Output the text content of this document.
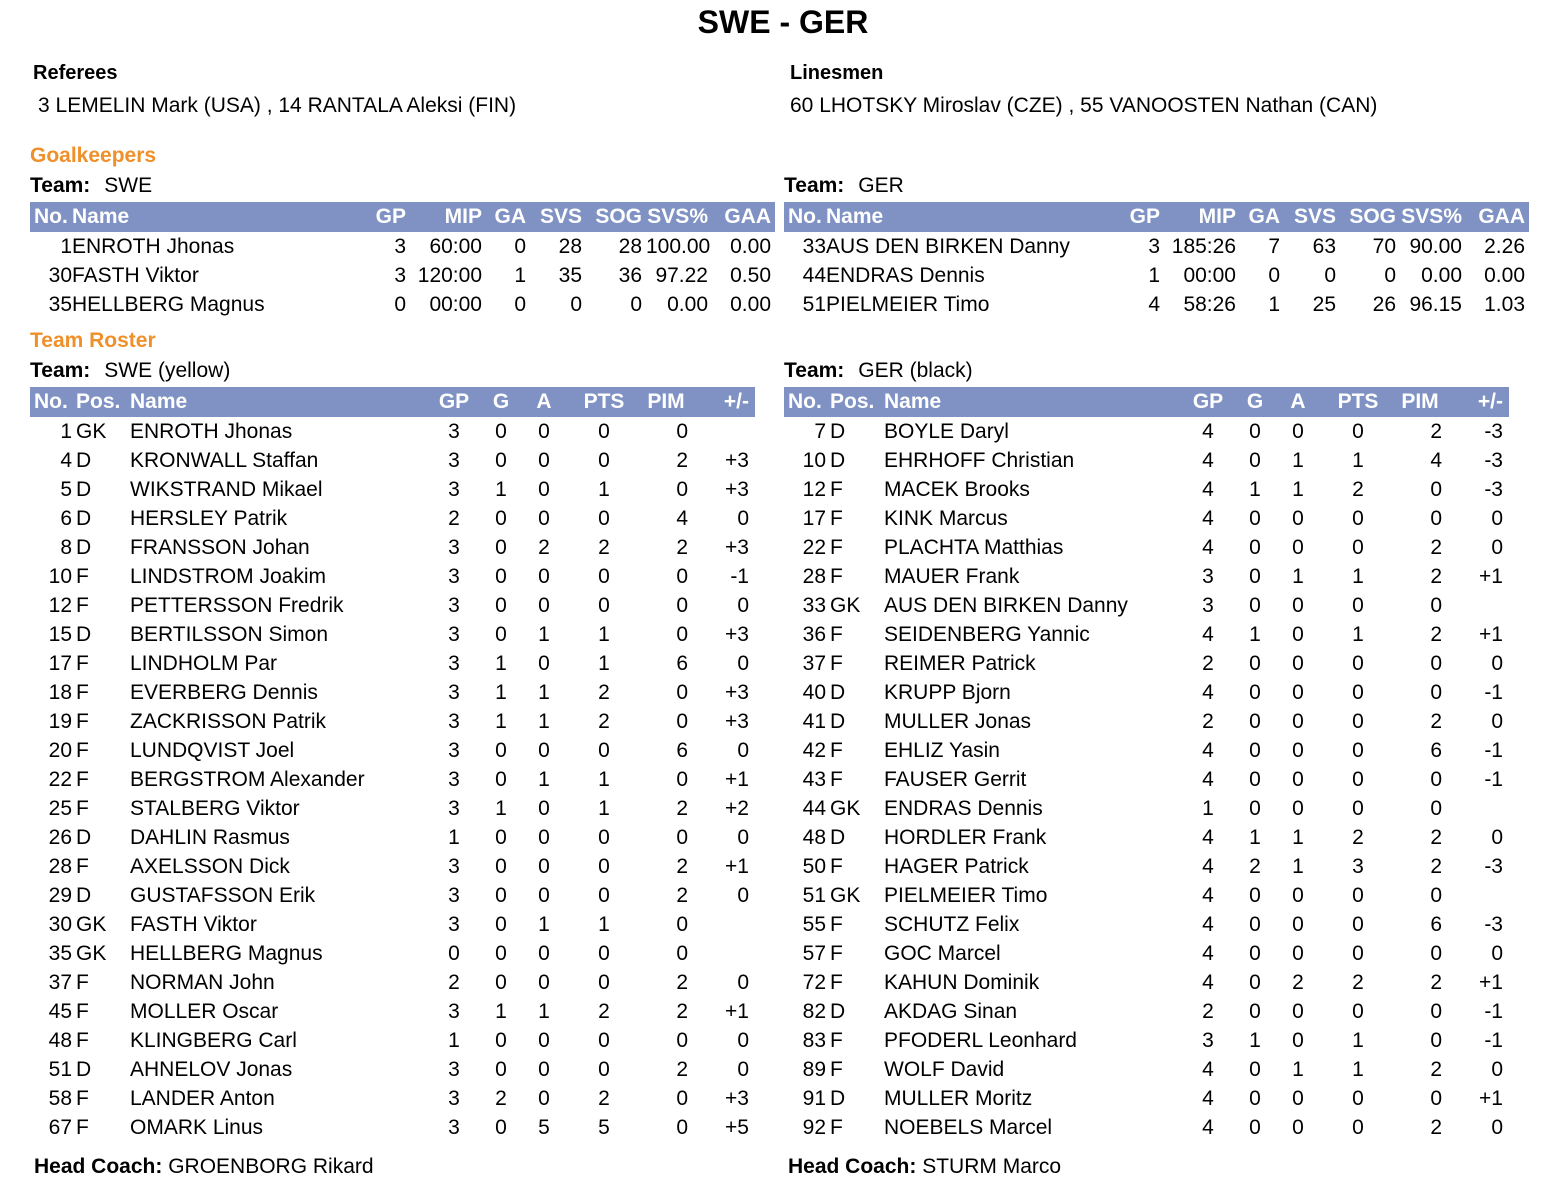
SWE - GER
Referees
3 LEMELIN Mark (USA) , 14 RANTALA Aleksi (FIN)
Linesmen
60 LHOTSKY Miroslav (CZE) , 55 VANOOSTEN Nathan (CAN)
Goalkeepers
Team: SWE	Team: GER
No.	Name	GP	MIP	GA	SVS	SOG	SVS%	GAA
1	ENROTH Jhonas	3	60:00	0	28	28	100.00	0.00
30	FASTH Viktor	3	120:00	1	35	36	97.22	0.50
35	HELLBERG Magnus	0	00:00	0	0	0	0.00	0.00
No.	Name	GP	MIP	GA	SVS	SOG	SVS%	GAA
33	AUS DEN BIRKEN Danny	3	185:26	7	63	70	90.00	2.26
44	ENDRAS Dennis	1	00:00	0	0	0	0.00	0.00
51	PIELMEIER Timo	4	58:26	1	25	26	96.15	1.03
Team Roster
Team: SWE (yellow)	Team: GER (black)
No.	Pos.	Name	GP	G	A	PTS	PIM	+/-
1	GK	ENROTH Jhonas	3	0	0	0	0	
4	D	KRONWALL Staffan	3	0	0	0	2	+3
5	D	WIKSTRAND Mikael	3	1	0	1	0	+3
6	D	HERSLEY Patrik	2	0	0	0	4	0
8	D	FRANSSON Johan	3	0	2	2	2	+3
10	F	LINDSTROM Joakim	3	0	0	0	0	-1
12	F	PETTERSSON Fredrik	3	0	0	0	0	0
15	D	BERTILSSON Simon	3	0	1	1	0	+3
17	F	LINDHOLM Par	3	1	0	1	6	0
18	F	EVERBERG Dennis	3	1	1	2	0	+3
19	F	ZACKRISSON Patrik	3	1	1	2	0	+3
20	F	LUNDQVIST Joel	3	0	0	0	6	0
22	F	BERGSTROM Alexander	3	0	1	1	0	+1
25	F	STALBERG Viktor	3	1	0	1	2	+2
26	D	DAHLIN Rasmus	1	0	0	0	0	0
28	F	AXELSSON Dick	3	0	0	0	2	+1
29	D	GUSTAFSSON Erik	3	0	0	0	2	0
30	GK	FASTH Viktor	3	0	1	1	0	
35	GK	HELLBERG Magnus	0	0	0	0	0	
37	F	NORMAN John	2	0	0	0	2	0
45	F	MOLLER Oscar	3	1	1	2	2	+1
48	F	KLINGBERG Carl	1	0	0	0	0	0
51	D	AHNELOV Jonas	3	0	0	0	2	0
58	F	LANDER Anton	3	2	0	2	0	+3
67	F	OMARK Linus	3	0	5	5	0	+5
No.	Pos.	Name	GP	G	A	PTS	PIM	+/-
7	D	BOYLE Daryl	4	0	0	0	2	-3
10	D	EHRHOFF Christian	4	0	1	1	4	-3
12	F	MACEK Brooks	4	1	1	2	0	-3
17	F	KINK Marcus	4	0	0	0	0	0
22	F	PLACHTA Matthias	4	0	0	0	2	0
28	F	MAUER Frank	3	0	1	1	2	+1
33	GK	AUS DEN BIRKEN Danny	3	0	0	0	0	
36	F	SEIDENBERG Yannic	4	1	0	1	2	+1
37	F	REIMER Patrick	2	0	0	0	0	0
40	D	KRUPP Bjorn	4	0	0	0	0	-1
41	D	MULLER Jonas	2	0	0	0	2	0
42	F	EHLIZ Yasin	4	0	0	0	6	-1
43	F	FAUSER Gerrit	4	0	0	0	0	-1
44	GK	ENDRAS Dennis	1	0	0	0	0	
48	D	HORDLER Frank	4	1	1	2	2	0
50	F	HAGER Patrick	4	2	1	3	2	-3
51	GK	PIELMEIER Timo	4	0	0	0	0	
55	F	SCHUTZ Felix	4	0	0	0	6	-3
57	F	GOC Marcel	4	0	0	0	0	0
72	F	KAHUN Dominik	4	0	2	2	2	+1
82	D	AKDAG Sinan	2	0	0	0	0	-1
83	F	PFODERL Leonhard	3	1	0	1	0	-1
89	F	WOLF David	4	0	1	1	2	0
91	D	MULLER Moritz	4	0	0	0	0	+1
92	F	NOEBELS Marcel	4	0	0	0	2	0
Head Coach: GROENBORG Rikard	Head Coach: STURM Marco
